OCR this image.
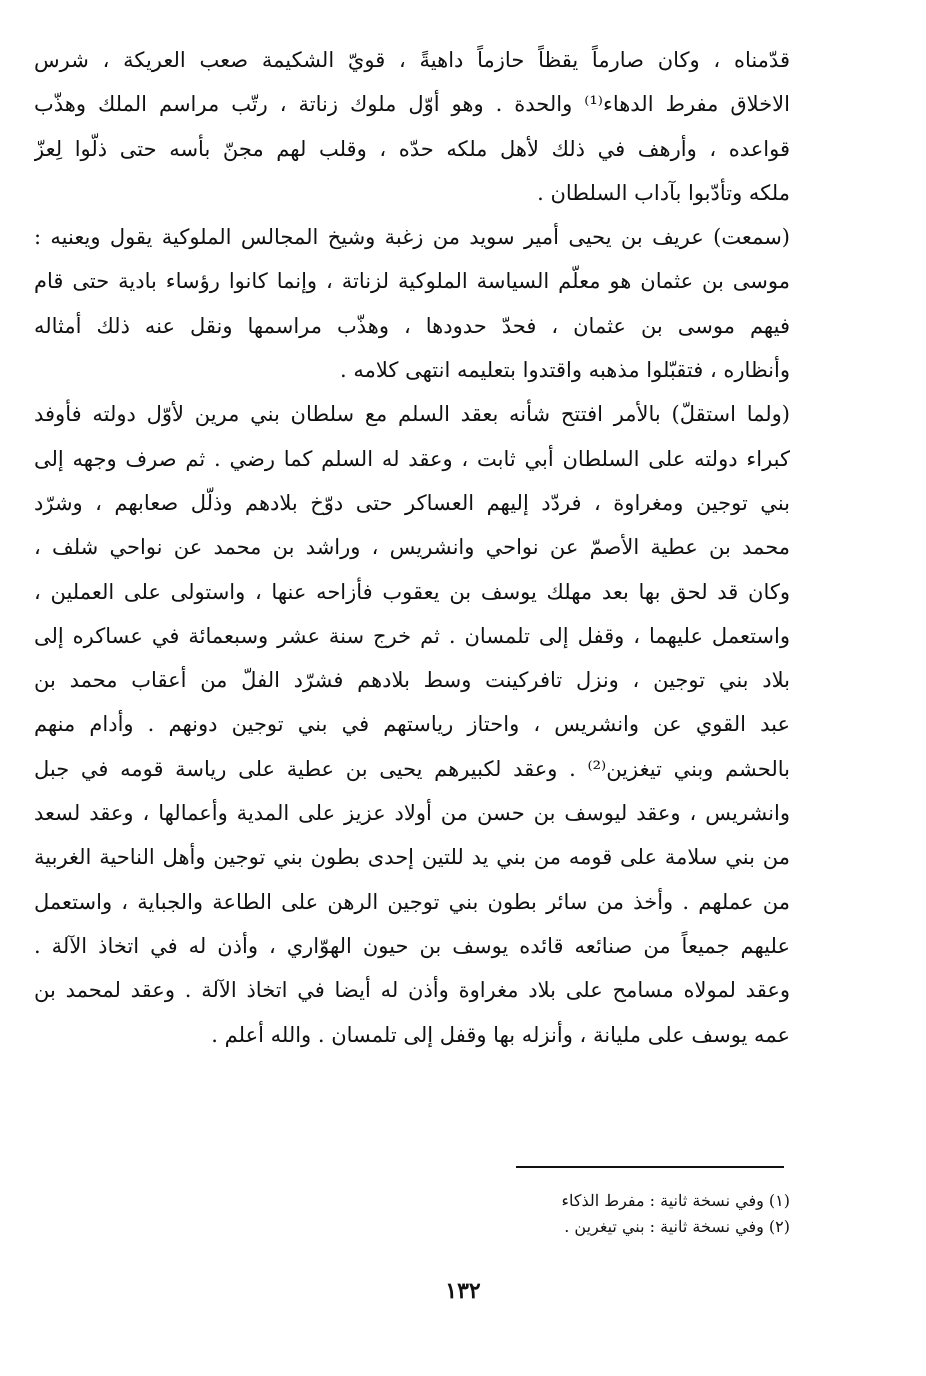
قدّمناه ، وكان صارماً يقظاً حازماً داهيةً ، قويّ الشكيمة صعب العريكة ، شرس
الاخلاق مفرط الدهاء⁽¹⁾ والحدة . وهو أوّل ملوك زناتة ، رتّب مراسم الملك وهذّب
قواعده ، وأرهف في ذلك لأهل ملكه حدّه ، وقلب لهم مجنّ بأسه حتى ذلّوا لِعزّ
ملكه وتأدّبوا بآداب السلطان .
(سمعت) عريف بن يحيى أمير سويد من زغبة وشيخ المجالس الملوكية يقول ويعنيه :
موسى بن عثمان هو معلّم السياسة الملوكية لزناتة ، وإنما كانوا رؤساء بادية حتى قام
فيهم موسى بن عثمان ، فحدّ حدودها ، وهذّب مراسمها ونقل عنه ذلك أمثاله
وأنظاره ، فتقبّلوا مذهبه واقتدوا بتعليمه انتهى كلامه .
(ولما استقلّ) بالأمر افتتح شأنه بعقد السلم مع سلطان بني مرين لأوّل دولته فأوفد
كبراء دولته على السلطان أبي ثابت ، وعقد له السلم كما رضي . ثم صرف وجهه إلى
بني توجين ومغراوة ، فردّد إليهم العساكر حتى دوّخ بلادهم وذلّل صعابهم ، وشرّد
محمد بن عطية الأصمّ عن نواحي وانشريس ، وراشد بن محمد عن نواحي شلف ،
وكان قد لحق بها بعد مهلك يوسف بن يعقوب فأزاحه عنها ، واستولى على العملين ،
واستعمل عليهما ، وقفل إلى تلمسان . ثم خرج سنة عشر وسبعمائة في عساكره إلى
بلاد بني توجين ، ونزل تافركينت وسط بلادهم فشرّد الفلّ من أعقاب محمد بن
عبد القوي عن وانشريس ، واحتاز رياستهم في بني توجين دونهم . وأدام منهم
بالحشم وبني تيغزين⁽²⁾ . وعقد لكبيرهم يحيى بن عطية على رياسة قومه في جبل
وانشريس ، وعقد ليوسف بن حسن من أولاد عزيز على المدية وأعمالها ، وعقد لسعد
من بني سلامة على قومه من بني يد للتين إحدى بطون بني توجين وأهل الناحية الغربية
من عملهم . وأخذ من سائر بطون بني توجين الرهن على الطاعة والجباية ، واستعمل
عليهم جميعاً من صنائعه قائده يوسف بن حيون الهوّاري ، وأذن له في اتخاذ الآلة .
وعقد لمولاه مسامح على بلاد مغراوة وأذن له أيضا في اتخاذ الآلة . وعقد لمحمد بن
عمه يوسف على مليانة ، وأنزله بها وقفل إلى تلمسان . والله أعلم .
(١) وفي نسخة ثانية : مفرط الذكاء
(٢) وفي نسخة ثانية : بني تيغرين .
١٣٢
